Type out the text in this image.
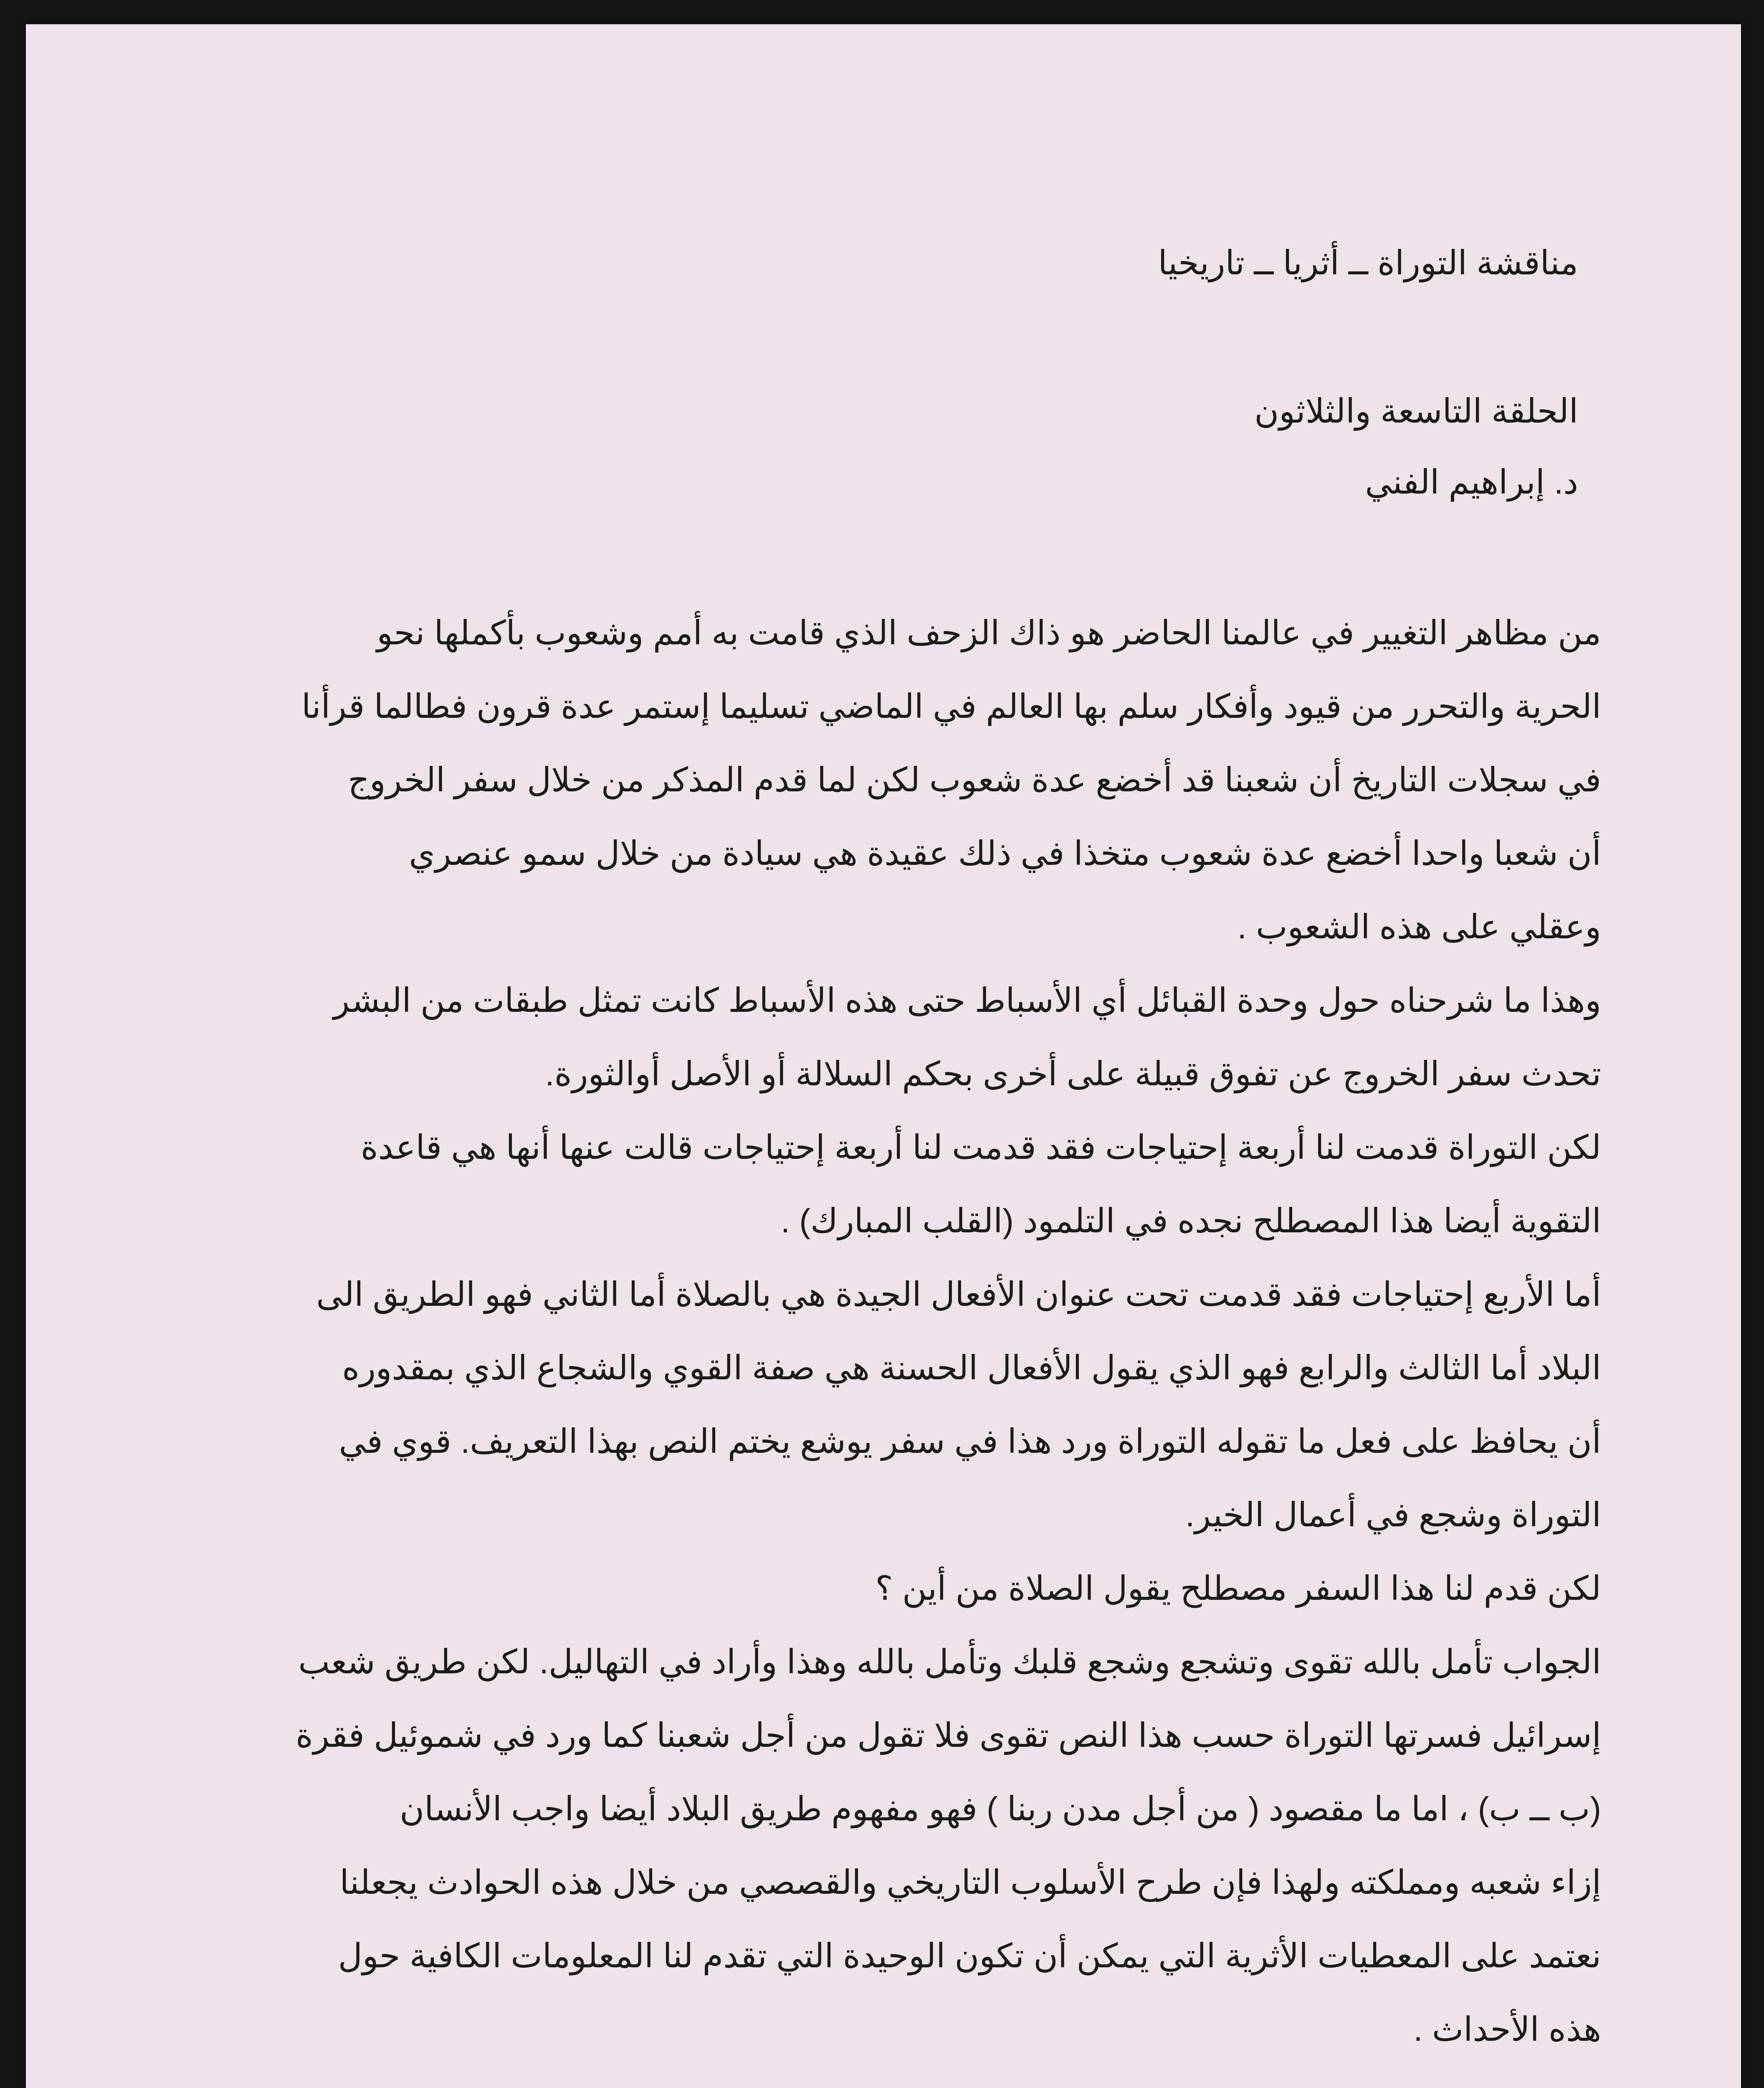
مناقشة التوراة ــ أثريا ــ تاريخيا

الحلقة التاسعة والثلاثون

د. إبراهيم الفني

من مظاهر التغيير في عالمنا الحاضر هو ذاك الزحف الذي قامت به أمم وشعوب بأكملها نحو
الحرية والتحرر من قيود وأفكار سلم بها العالم في الماضي تسليما إستمر عدة قرون فطالما قرأنا
في سجلات التاريخ أن شعبنا قد أخضع عدة شعوب لكن لما قدم المذكر من خلال سفر الخروج
أن شعبا واحدا أخضع عدة شعوب متخذا في ذلك عقيدة هي سيادة من خلال سمو عنصري
وعقلي على هذه الشعوب .
وهذا ما شرحناه حول وحدة القبائل أي الأسباط حتى هذه الأسباط كانت تمثل طبقات من البشر
تحدث سفر الخروج عن تفوق قبيلة على أخرى بحكم السلالة أو الأصل أوالثورة.
لكن التوراة قدمت لنا أربعة إحتياجات فقد قدمت لنا أربعة إحتياجات قالت عنها أنها هي قاعدة
التقوية أيضا هذا المصطلح نجده في التلمود (القلب المبارك) .
أما الأربع إحتياجات فقد قدمت تحت عنوان الأفعال الجيدة هي بالصلاة أما الثاني فهو الطريق الى
البلاد أما الثالث والرابع فهو الذي يقول الأفعال الحسنة هي صفة القوي والشجاع الذي بمقدوره
أن يحافظ على فعل ما تقوله التوراة ورد هذا في سفر يوشع يختم النص بهذا التعريف. قوي في
التوراة وشجع في أعمال الخير.
لكن قدم لنا هذا السفر مصطلح يقول الصلاة من أين ؟
الجواب تأمل بالله تقوى وتشجع وشجع قلبك وتأمل بالله وهذا وأراد في التهاليل. لكن طريق شعب
إسرائيل فسرتها التوراة حسب هذا النص تقوى فلا تقول من أجل شعبنا كما ورد في شموئيل فقرة
(ب ــ ب) ، اما ما مقصود ( من أجل مدن ربنا ) فهو مفهوم طريق البلاد أيضا واجب الأنسان
إزاء شعبه ومملكته ولهذا فإن طرح الأسلوب التاريخي والقصصي من خلال هذه الحوادث يجعلنا
نعتمد على المعطيات الأثرية التي يمكن أن تكون الوحيدة التي تقدم لنا المعلومات الكافية حول
هذه الأحداث .
